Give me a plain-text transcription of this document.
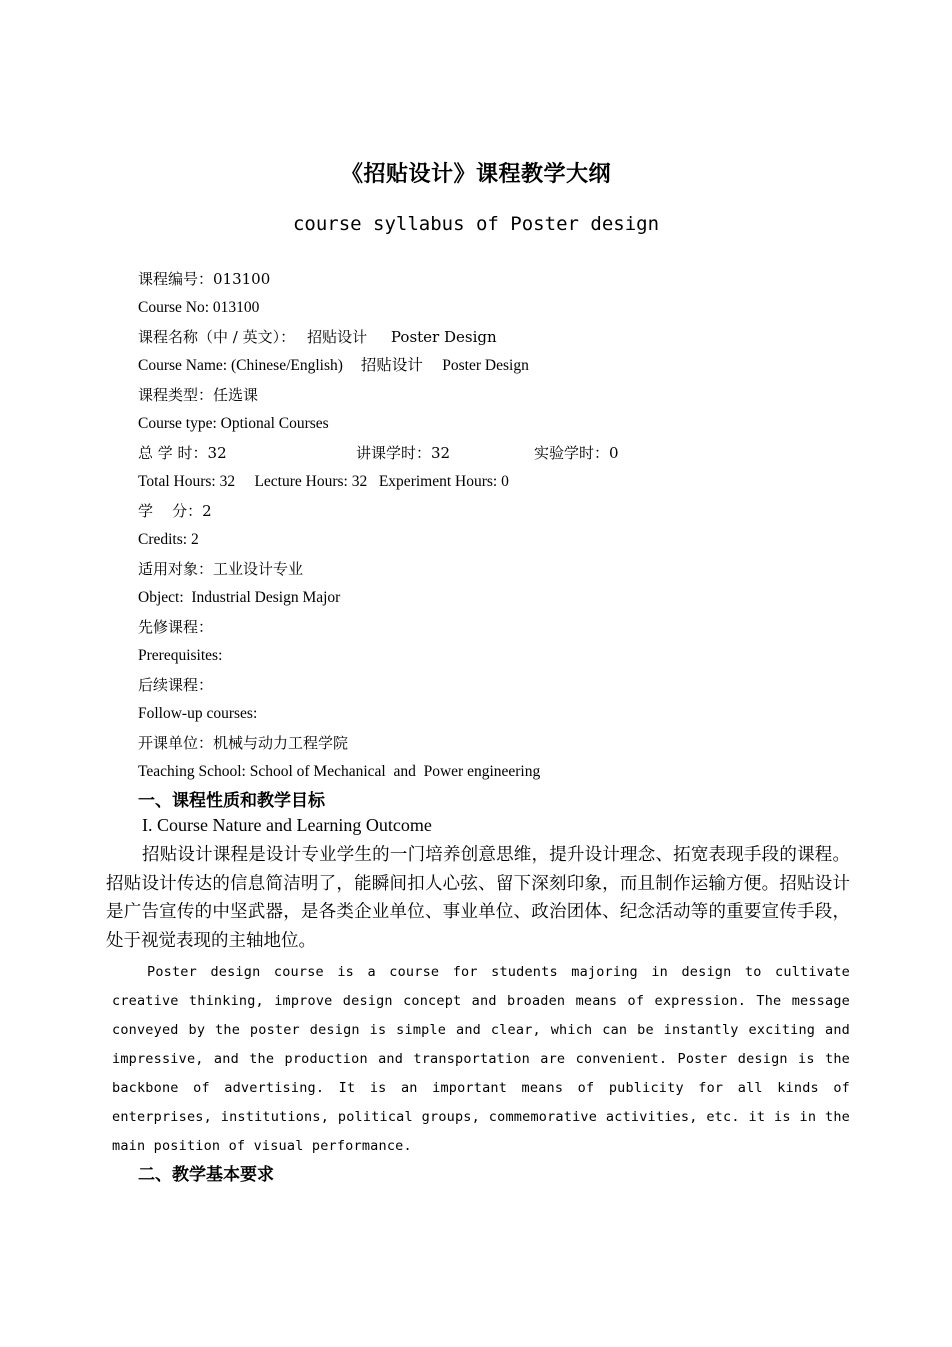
《招贴设计》课程教学大纲
course syllabus of Poster design
课程编号：013100
Course No: 013100
课程名称（中 / 英文）： 招贴设计     Poster Design
Course Name: (Chinese/English) 招贴设计     Poster Design
课程类型：任选课
Course type: Optional Courses
总 学 时：32	讲课学时：32	实验学时：0
Total Hours: 32     Lecture Hours: 32   Experiment Hours: 0
学    分：2
Credits: 2
适用对象：工业设计专业
Object:  Industrial Design Major
先修课程：
Prerequisites:
后续课程：
Follow-up courses:
开课单位：机械与动力工程学院
Teaching School: School of Mechanical  and  Power engineering
一、课程性质和教学目标
I. Course Nature and Learning Outcome

招贴设计课程是设计专业学生的一门培养创意思维，提升设计理念、拓宽表现手段的课程。招贴设计传达的信息简洁明了，能瞬间扣人心弦、留下深刻印象，而且制作运输方便。招贴设计是广告宣传的中坚武器，是各类企业单位、事业单位、政治团体、纪念活动等的重要宣传手段，处于视觉表现的主轴地位。

Poster design course is a course for students majoring in design to cultivate creative thinking, improve design concept and broaden means of expression. The message conveyed by the poster design is simple and clear, which can be instantly exciting and impressive, and the production and transportation are convenient. Poster design is the backbone of advertising. It is an important means of publicity for all kinds of enterprises, institutions, political groups, commemorative activities, etc. it is in the main position of visual performance.

二、教学基本要求
